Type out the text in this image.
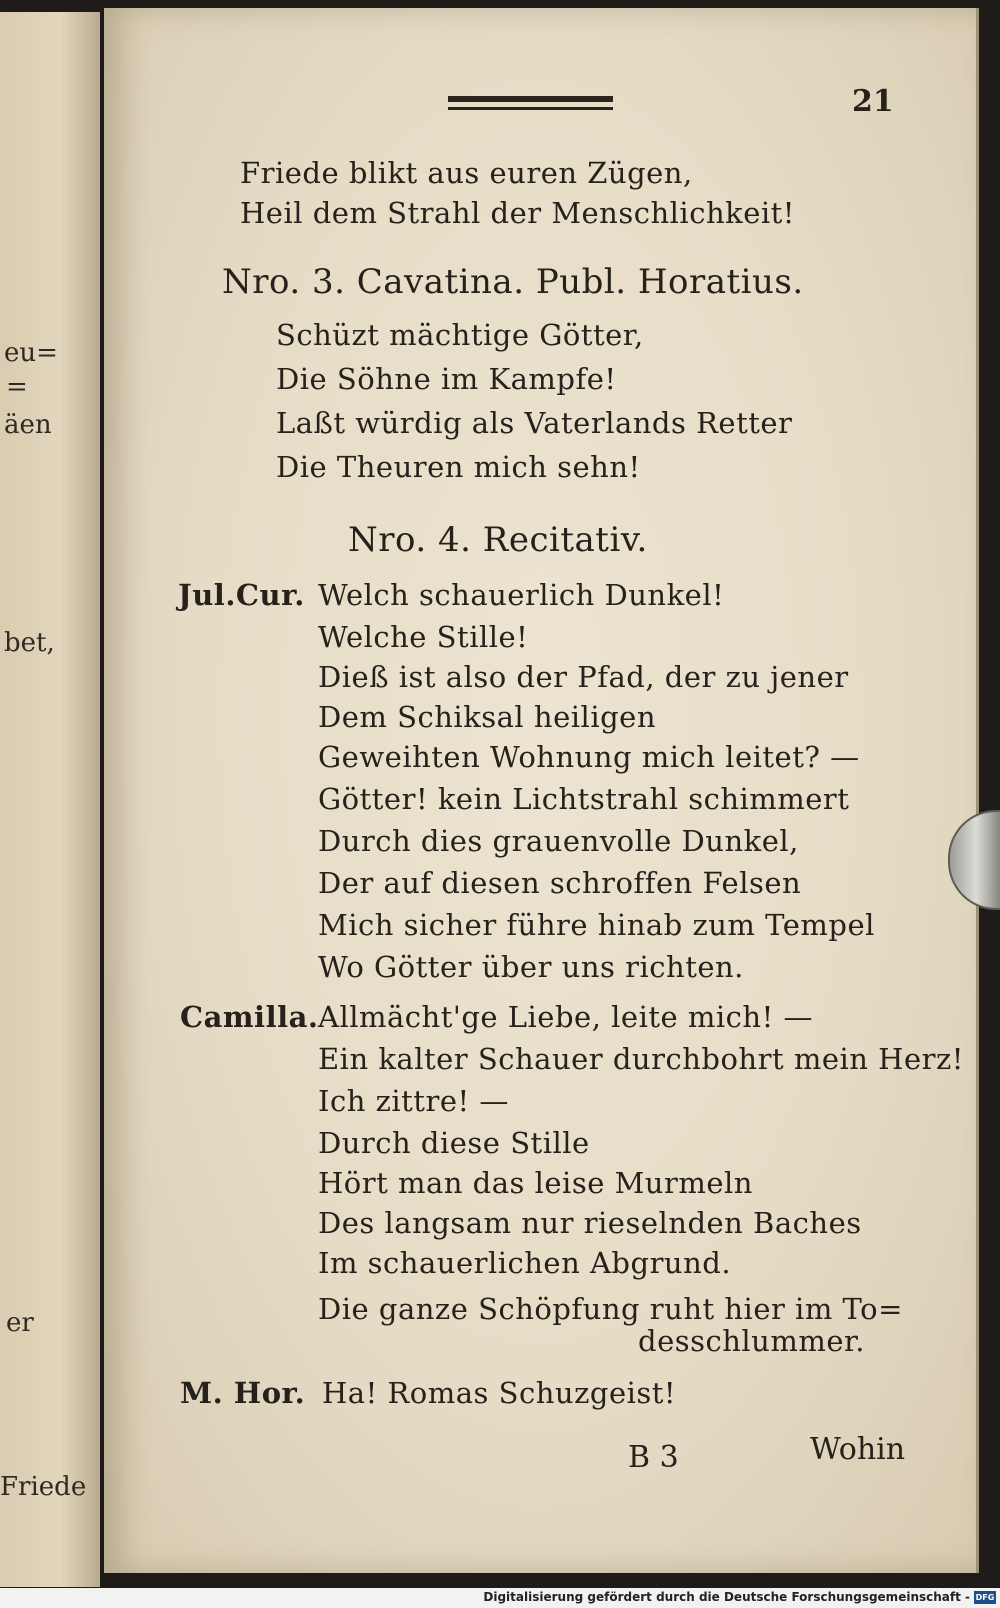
eu=
=
äen
bet,
er
Friede
21
Friede blikt aus euren Zügen,
Heil dem Strahl der Menschlichkeit!
Nro. 3. Cavatina. Publ. Horatius.
Schüzt mächtige Götter,
Die Söhne im Kampfe!
Laßt würdig als Vaterlands Retter
Die Theuren mich sehn!
Nro. 4. Recitativ.
Jul.Cur. Welch schauerlich Dunkel!
Welche Stille!
Dieß ist also der Pfad, der zu jener
Dem Schiksal heiligen
Geweihten Wohnung mich leitet? —
Götter! kein Lichtstrahl schimmert
Durch dies grauenvolle Dunkel,
Der auf diesen schroffen Felsen
Mich sicher führe hinab zum Tempel
Wo Götter über uns richten.
Camilla. Allmächt'ge Liebe, leite mich! —
Ein kalter Schauer durchbohrt mein Herz!
Ich zittre! —
Durch diese Stille
Hört man das leise Murmeln
Des langsam nur rieselnden Baches
Im schauerlichen Abgrund.
Die ganze Schöpfung ruht hier im To=
desschlummer.
M. Hor. Ha! Romas Schuzgeist!
B 3	Wohin
Digitalisierung gefördert durch die Deutsche Forschungsgemeinschaft - DFG
